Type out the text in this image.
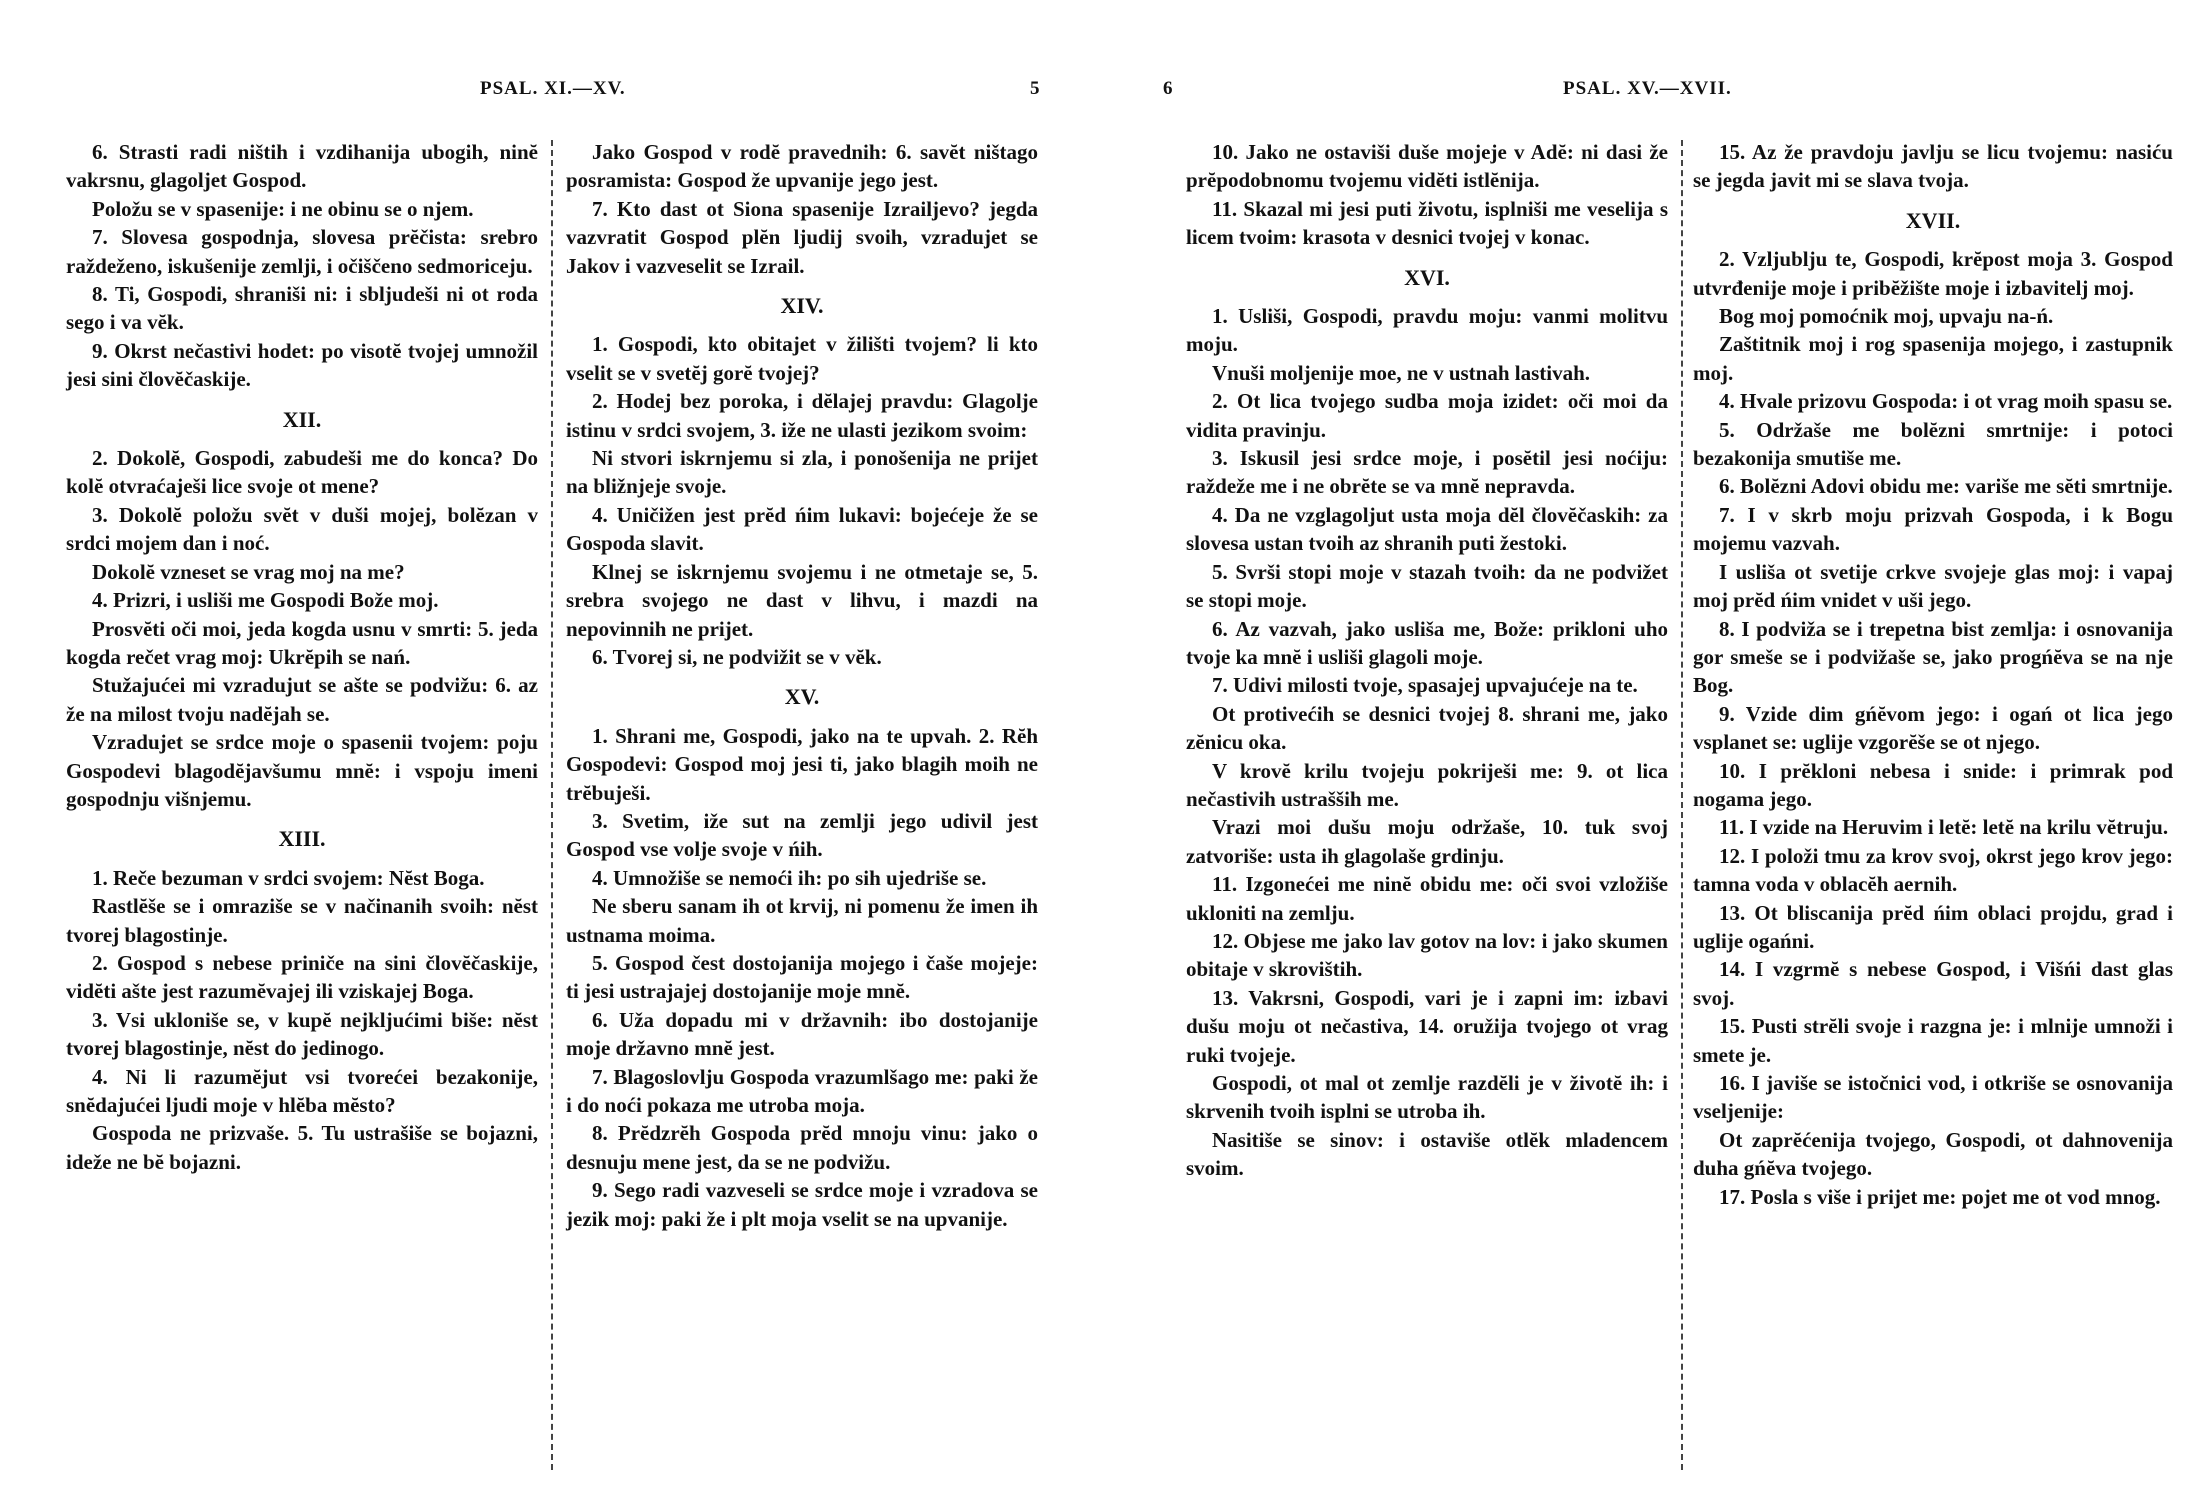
PSAL. XI.—XV.	5

6. Strasti radi ništih i vzdihanija ubogih, ninĕ vakrsnu, glagoljet Gospod.

Položu se v spasenije: i ne obinu se o njem.

7. Slovesa gospodnja, slovesa prĕčista: srebro raždeženo, iskušenije zemlji, i očiščeno sedmoriceju.

8. Ti, Gospodi, shraniši ni: i sbljudeši ni ot roda sego i va vĕk.

9. Okrst nečastivi hodet: po visotĕ tvojej umnožil jesi sini človĕčaskije.

XII.

2. Dokolĕ, Gospodi, zabudeši me do konca? Do kolĕ otvraćaješi lice svoje ot mene?

3. Dokolĕ položu svĕt v duši mojej, bolĕzan v srdci mojem dan i noć.

Dokolĕ vzneset se vrag moj na me?

4. Prizri, i usliši me Gospodi Bože moj.

Prosvĕti oči moi, jeda kogda usnu v smrti: 5. jeda kogda rečet vrag moj: Ukrĕpih se nań.

Stužajućei mi vzradujut se ašte se podvižu: 6. az že na milost tvoju nadĕjah se.

Vzradujet se srdce moje o spasenii tvojem: poju Gospodevi blagodĕjavšumu mnĕ: i vspoju imeni gospodnju višnjemu.

XIII.

1. Reče bezuman v srdci svojem: Nĕst Boga.

Rastlĕše se i omraziše se v načinanih svoih: nĕst tvorej blagostinje.

2. Gospod s nebese priniče na sini človĕčaskije, vidĕti ašte jest razumĕvajej ili vziskajej Boga.

3. Vsi ukloniše se, v kupĕ nejkljućimi biše: nĕst tvorej blagostinje, nĕst do jedinogo.

4. Ni li razumĕjut vsi tvorećei bezakonije, snĕdajućei ljudi moje v hlĕba mĕsto?

Gospoda ne prizvaše. 5. Tu ustrašiše se bojazni, ideže ne bĕ bojazni.

Jako Gospod v rodĕ pravednih: 6. savĕt ništago posramista: Gospod že upvanije jego jest.

7. Kto dast ot Siona spasenije Izrailjevo? jegda vazvratit Gospod plĕn ljudij svoih, vzradujet se Jakov i vazveselit se Izrail.

XIV.

1. Gospodi, kto obitajet v žilišti tvojem? li kto vselit se v svetĕj gorĕ tvojej?

2. Hodej bez poroka, i dĕlajej pravdu: Glagolje istinu v srdci svojem, 3. iže ne ulasti jezikom svoim:

Ni stvori iskrnjemu si zla, i ponošenija ne prijet na bližnjeje svoje.

4. Uničižen jest prĕd ńim lukavi: bojećeje že se Gospoda slavit.

Klnej se iskrnjemu svojemu i ne otmetaje se, 5. srebra svojego ne dast v lihvu, i mazdi na nepovinnih ne prijet.

6. Tvorej si, ne podvižit se v vĕk.

XV.

1. Shrani me, Gospodi, jako na te upvah. 2. Rĕh Gospodevi: Gospod moj jesi ti, jako blagih moih ne trĕbuješi.

3. Svetim, iže sut na zemlji jego udivil jest Gospod vse volje svoje v ńih.

4. Umnožiše se nemoći ih: po sih ujedriše se.

Ne sberu sanam ih ot krvij, ni pomenu že imen ih ustnama moima.

5. Gospod čest dostojanija mojego i čaše mojeje: ti jesi ustrajajej dostojanije moje mnĕ.

6. Uža dopadu mi v državnih: ibo dostojanije moje državno mnĕ jest.

7. Blagoslovlju Gospoda vrazumlšago me: paki že i do noći pokaza me utroba moja.

8. Prĕdzrĕh Gospoda prĕd mnoju vinu: jako o desnuju mene jest, da se ne podvižu.

9. Sego radi vazveseli se srdce moje i vzradova se jezik moj: paki že i plt moja vselit se na upvanije.

6	PSAL. XV.—XVII.

10. Jako ne ostaviši duše mojeje v Adĕ: ni dasi že prĕpodobnomu tvojemu vidĕti istlĕnija.

11. Skazal mi jesi puti životu, isplniši me veselija s licem tvoim: krasota v desnici tvojej v konac.

XVI.

1. Usliši, Gospodi, pravdu moju: vanmi molitvu moju.

Vnuši moljenije moe, ne v ustnah lastivah.

2. Ot lica tvojego sudba moja izidet: oči moi da vidita pravinju.

3. Iskusil jesi srdce moje, i posĕtil jesi noćiju: raždeže me i ne obrĕte se va mnĕ nepravda.

4. Da ne vzglagoljut usta moja dĕl človĕčaskih: za slovesa ustan tvoih az shranih puti žestoki.

5. Svrši stopi moje v stazah tvoih: da ne podvižet se stopi moje.

6. Az vazvah, jako usliša me, Bože: prikloni uho tvoje ka mnĕ i usliši glagoli moje.

7. Udivi milosti tvoje, spasajej upvajućeje na te.

Ot protivećih se desnici tvojej 8. shrani me, jako zĕnicu oka.

V krovĕ krilu tvojeju pokriješi me: 9. ot lica nečastivih ustrašših me.

Vrazi moi dušu moju održaše, 10. tuk svoj zatvoriše: usta ih glagolaše grdinju.

11. Izgonećei me ninĕ obidu me: oči svoi vzložiše ukloniti na zemlju.

12. Objese me jako lav gotov na lov: i jako skumen obitaje v skrovištih.

13. Vakrsni, Gospodi, vari je i zapni im: izbavi dušu moju ot nečastiva, 14. oružija tvojego ot vrag ruki tvojeje.

Gospodi, ot mal ot zemlje razdĕli je v životĕ ih: i skrvenih tvoih isplni se utroba ih.

Nasitiše se sinov: i ostaviše otlĕk mladencem svoim.

15. Az že pravdoju javlju se licu tvojemu: nasiću se jegda javit mi se slava tvoja.

XVII.

2. Vzljublju te, Gospodi, krĕpost moja 3. Gospod utvrđenije moje i pribĕžište moje i izbavitelj moj.

Bog moj pomoćnik moj, upvaju na-ń.

Zaštitnik moj i rog spasenija mojego, i zastupnik moj.

4. Hvale prizovu Gospoda: i ot vrag moih spasu se.

5. Održaše me bolĕzni smrtnije: i potoci bezakonija smutiše me.

6. Bolĕzni Adovi obidu me: variše me sĕti smrtnije.

7. I v skrb moju prizvah Gospoda, i k Bogu mojemu vazvah.

I usliša ot svetije crkve svojeje glas moj: i vapaj moj prĕd ńim vnidet v uši jego.

8. I podviža se i trepetna bist zemlja: i osnovanija gor smeše se i podvižaše se, jako progńĕva se na nje Bog.

9. Vzide dim gńĕvom jego: i ogań ot lica jego vsplanet se: uglije vzgorĕše se ot njego.

10. I prĕkloni nebesa i snide: i primrak pod nogama jego.

11. I vzide na Heruvim i letĕ: letĕ na krilu vĕtruju.

12. I položi tmu za krov svoj, okrst jego krov jego: tamna voda v oblacĕh aernih.

13. Ot bliscanija prĕd ńim oblaci projdu, grad i uglije ogańni.

14. I vzgrmĕ s nebese Gospod, i Višńi dast glas svoj.

15. Pusti strĕli svoje i razgna je: i mlnije umnoži i smete je.

16. I javiše se istočnici vod, i otkriše se osnovanija vseljenije:

Ot zaprĕćenija tvojego, Gospodi, ot dahnovenija duha gńĕva tvojego.

17. Posla s više i prijet me: pojet me ot vod mnog.
